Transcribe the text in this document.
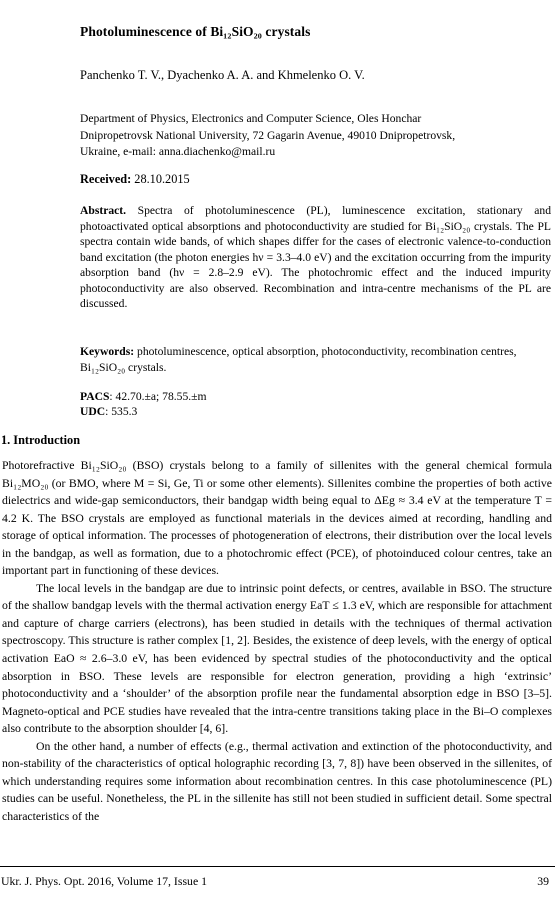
Photoluminescence of Bi₁₂SiO₂₀ crystals
Panchenko T. V., Dyachenko A. A. and Khmelenko O. V.
Department of Physics, Electronics and Computer Science, Oles Honchar
Dnipropetrovsk National University, 72 Gagarin Avenue, 49010 Dnipropetrovsk,
Ukraine, e-mail: anna.diachenko@mail.ru
Received: 28.10.2015
Abstract. Spectra of photoluminescence (PL), luminescence excitation, stationary and photoactivated optical absorptions and photoconductivity are studied for Bi₁₂SiO₂₀ crystals. The PL spectra contain wide bands, of which shapes differ for the cases of electronic valence-to-conduction band excitation (the photon energies hν = 3.3–4.0 eV) and the excitation occurring from the impurity absorption band (hν = 2.8–2.9 eV). The photochromic effect and the induced impurity photoconductivity are also observed. Recombination and intra-centre mechanisms of the PL are discussed.
Keywords: photoluminescence, optical absorption, photoconductivity, recombination centres, Bi₁₂SiO₂₀ crystals.
PACS: 42.70.±a; 78.55.±m
UDC: 535.3
1. Introduction

Photorefractive Bi₁₂SiO₂₀ (BSO) crystals belong to a family of sillenites with the general chemical formula Bi₁₂MO₂₀ (or BMO, where M = Si, Ge, Ti or some other elements). Sillenites combine the properties of both active dielectrics and wide-gap semiconductors, their bandgap width being equal to ΔEg ≈ 3.4 eV at the temperature T = 4.2 K. The BSO crystals are employed as functional materials in the devices aimed at recording, handling and storage of optical information. The processes of photogeneration of electrons, their distribution over the local levels in the bandgap, as well as formation, due to a photochromic effect (PCE), of photoinduced colour centres, take an important part in functioning of these devices.

The local levels in the bandgap are due to intrinsic point defects, or centres, available in BSO. The structure of the shallow bandgap levels with the thermal activation energy EaT ≤ 1.3 eV, which are responsible for attachment and capture of charge carriers (electrons), has been studied in details with the techniques of thermal activation spectroscopy. This structure is rather complex [1, 2]. Besides, the existence of deep levels, with the energy of optical activation EaO ≈ 2.6–3.0 eV, has been evidenced by spectral studies of the photoconductivity and the optical absorption in BSO. These levels are responsible for electron generation, providing a high ‘extrinsic’ photoconductivity and a ‘shoulder’ of the absorption profile near the fundamental absorption edge in BSO [3–5]. Magneto-optical and PCE studies have revealed that the intra-centre transitions taking place in the Bi–O complexes also contribute to the absorption shoulder [4, 6].

On the other hand, a number of effects (e.g., thermal activation and extinction of the photoconductivity, and non-stability of the characteristics of optical holographic recording [3, 7, 8]) have been observed in the sillenites, of which understanding requires some information about recombination centres. In this case photoluminescence (PL) studies can be useful. Nonetheless, the PL in the sillenite has still not been studied in sufficient detail. Some spectral characteristics of the

Ukr. J. Phys. Opt. 2016, Volume 17, Issue 1	39
